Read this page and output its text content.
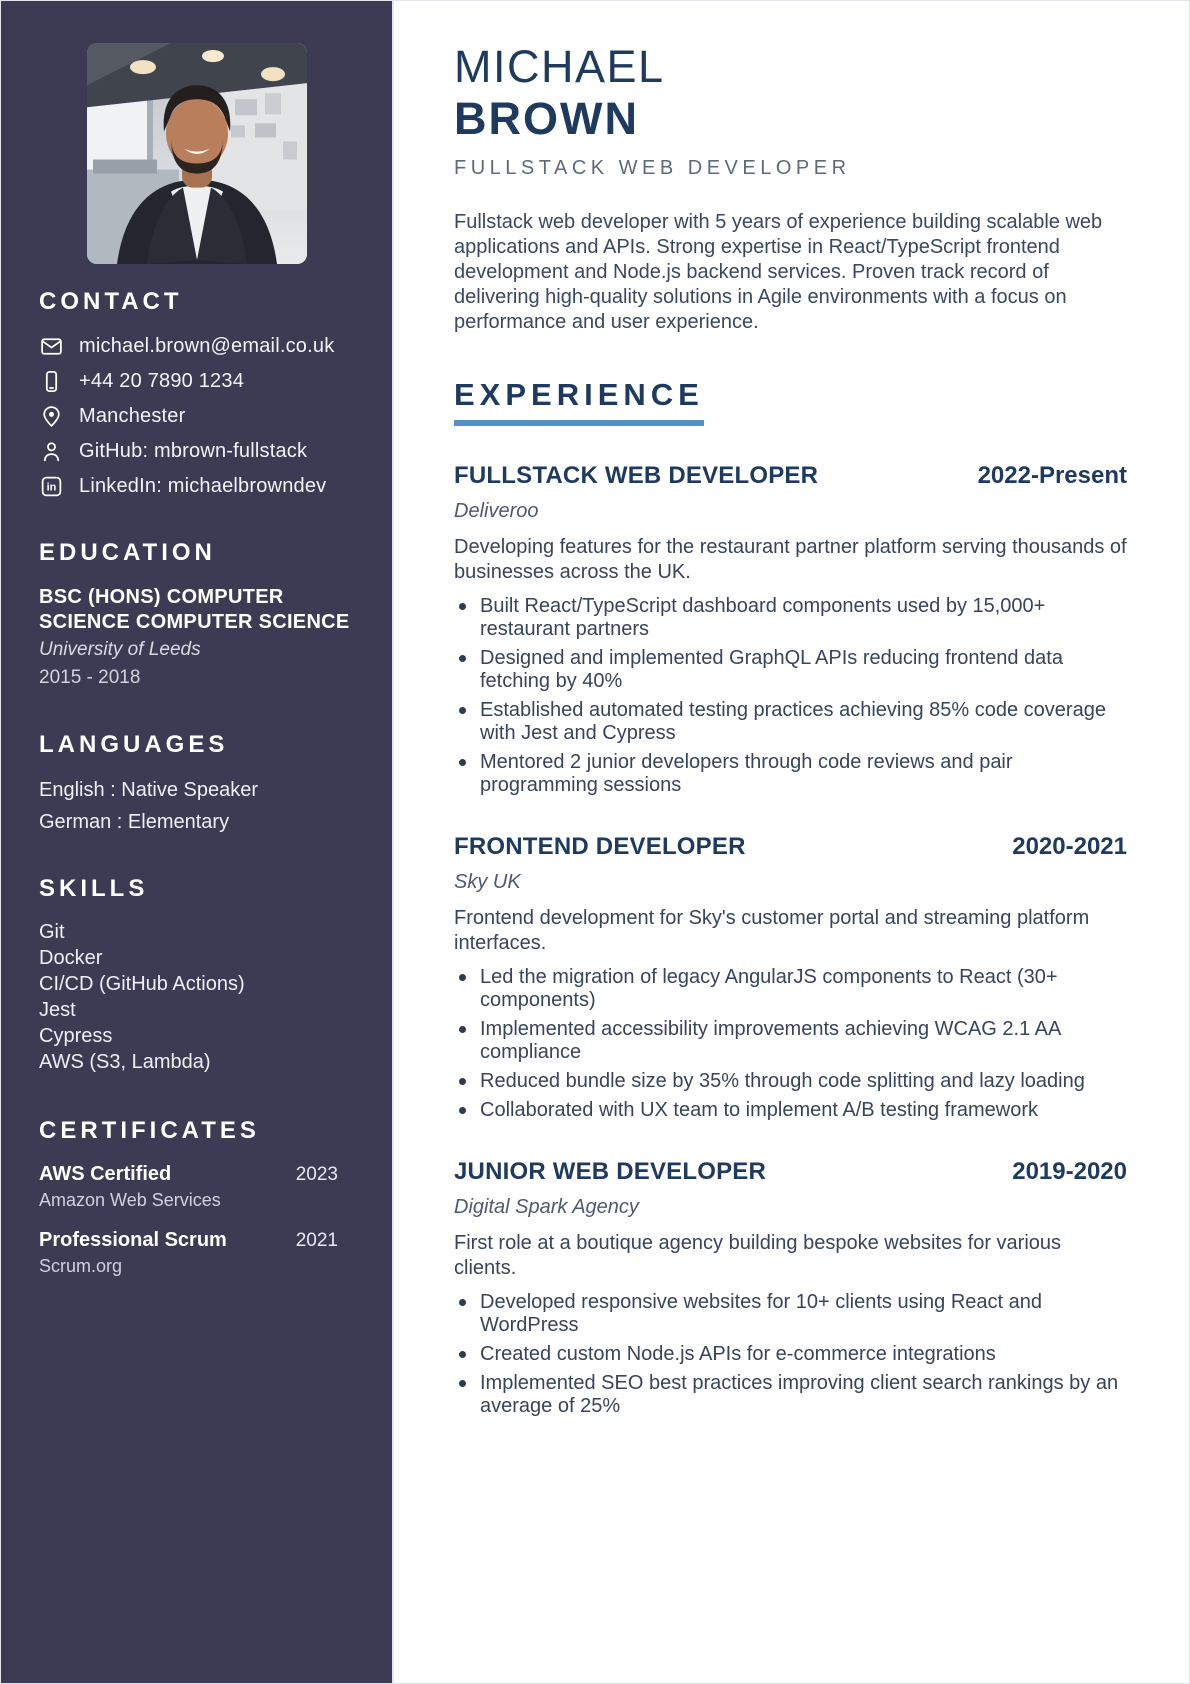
CONTACT
michael.brown@email.co.uk
+44 20 7890 1234
Manchester
GitHub: mbrown-fullstack
in LinkedIn: michaelbrowndev
EDUCATION
BSC (HONS) COMPUTER SCIENCE COMPUTER SCIENCE
University of Leeds
2015 - 2018
LANGUAGES
English : Native Speaker
German : Elementary
SKILLS
Git
Docker
CI/CD (GitHub Actions)
Jest
Cypress
AWS (S3, Lambda)
CERTIFICATES
AWS Certified	2023
Amazon Web Services
Professional Scrum	2021
Scrum.org
MICHAEL
BROWN
FULLSTACK WEB DEVELOPER

Fullstack web developer with 5 years of experience building scalable web applications and APIs. Strong expertise in React/TypeScript frontend development and Node.js backend services. Proven track record of delivering high-quality solutions in Agile environments with a focus on performance and user experience.

EXPERIENCE
FULLSTACK WEB DEVELOPER	2022-Present
Deliveroo

Developing features for the restaurant partner platform serving thousands of businesses across the UK.

Built React/TypeScript dashboard components used by 15,000+ restaurant partners
Designed and implemented GraphQL APIs reducing frontend data fetching by 40%
Established automated testing practices achieving 85% code coverage with Jest and Cypress
Mentored 2 junior developers through code reviews and pair programming sessions
FRONTEND DEVELOPER	2020-2021
Sky UK

Frontend development for Sky's customer portal and streaming platform interfaces.

Led the migration of legacy AngularJS components to React (30+ components)
Implemented accessibility improvements achieving WCAG 2.1 AA compliance
Reduced bundle size by 35% through code splitting and lazy loading
Collaborated with UX team to implement A/B testing framework
JUNIOR WEB DEVELOPER	2019-2020
Digital Spark Agency

First role at a boutique agency building bespoke websites for various clients.

Developed responsive websites for 10+ clients using React and WordPress
Created custom Node.js APIs for e-commerce integrations
Implemented SEO best practices improving client search rankings by an average of 25%
